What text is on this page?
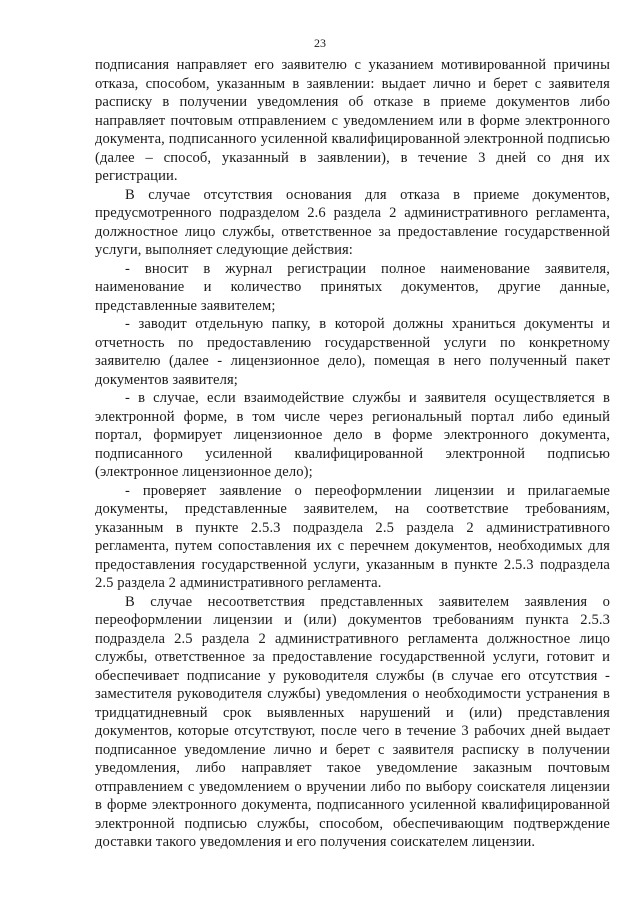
23

подписания направляет его заявителю с указанием мотивированной причины отказа, способом, указанным в заявлении: выдает лично и берет с заявителя расписку в получении уведомления об отказе в приеме документов либо направляет почтовым отправлением с уведомлением или в форме электронного документа, подписанного усиленной квалифицированной электронной подписью (далее – способ, указанный в заявлении), в течение 3 дней со дня их регистрации.

В случае отсутствия основания для отказа в приеме документов, предусмотренного подразделом 2.6 раздела 2 административного регламента, должностное лицо службы, ответственное за предоставление государственной услуги, выполняет следующие действия:

- вносит в журнал регистрации полное наименование заявителя, наименование и количество принятых документов, другие данные, представленные заявителем;

- заводит отдельную папку, в которой должны храниться документы и отчетность по предоставлению государственной услуги по конкретному заявителю (далее - лицензионное дело), помещая в него полученный пакет документов заявителя;

- в случае, если взаимодействие службы и заявителя осуществляется в электронной форме, в том числе через региональный портал либо единый портал, формирует лицензионное дело в форме электронного документа, подписанного усиленной квалифицированной электронной подписью (электронное лицензионное дело);

- проверяет заявление о переоформлении лицензии и прилагаемые документы, представленные заявителем, на соответствие требованиям, указанным в пункте 2.5.3 подраздела 2.5 раздела 2 административного регламента, путем сопоставления их с перечнем документов, необходимых для предоставления государственной услуги, указанным в пункте 2.5.3 подраздела 2.5 раздела 2 административного регламента.

В случае несоответствия представленных заявителем заявления о переоформлении лицензии и (или) документов требованиям пункта 2.5.3 подраздела 2.5 раздела 2 административного регламента должностное лицо службы, ответственное за предоставление государственной услуги, готовит и обеспечивает подписание у руководителя службы (в случае его отсутствия - заместителя руководителя службы) уведомления о необходимости устранения в тридцатидневный срок выявленных нарушений и (или) представления документов, которые отсутствуют, после чего в течение 3 рабочих дней выдает подписанное уведомление лично и берет с заявителя расписку в получении уведомления, либо направляет такое уведомление заказным почтовым отправлением с уведомлением о вручении либо по выбору соискателя лицензии в форме электронного документа, подписанного усиленной квалифицированной электронной подписью службы, способом, обеспечивающим подтверждение доставки такого уведомления и его получения соискателем лицензии.
